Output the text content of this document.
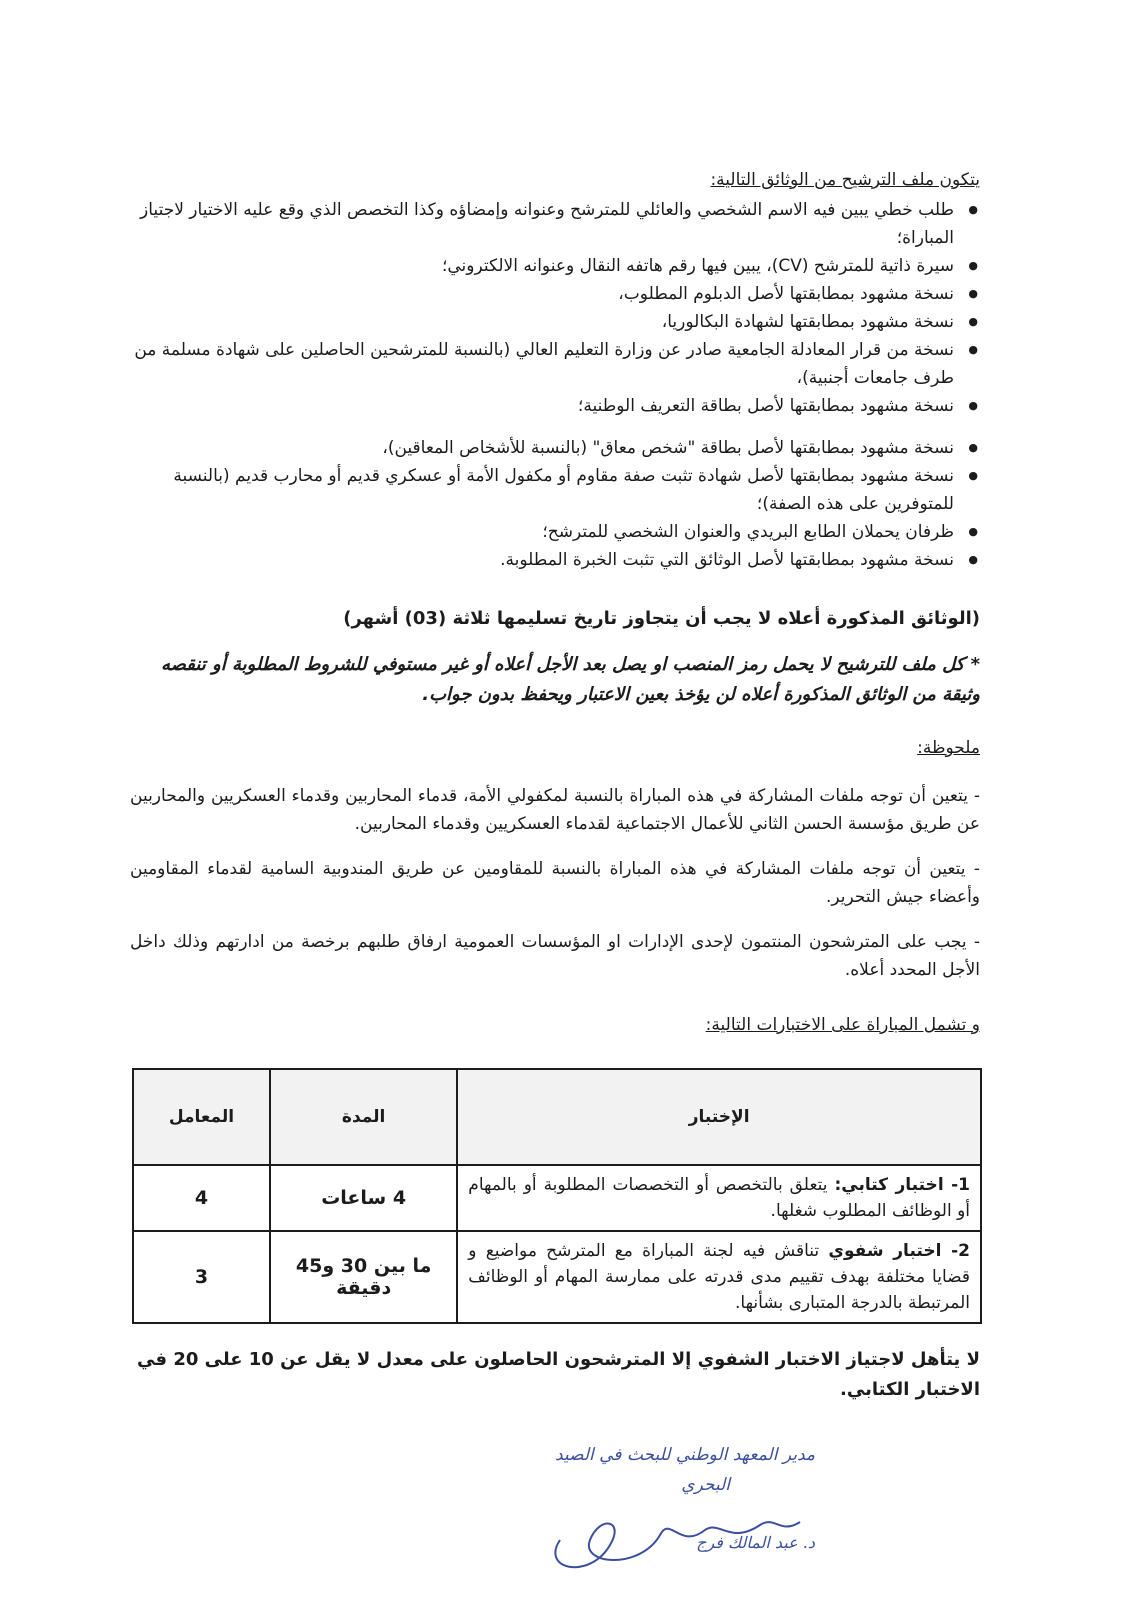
يتكون ملف الترشيح من الوثائق التالية:
● طلب خطي يبين فيه الاسم الشخصي والعائلي للمترشح وعنوانه وإمضاؤه وكذا التخصص الذي وقع عليه الاختيار لاجتياز المباراة؛
● سيرة ذاتية للمترشح (CV)، يبين فيها رقم هاتفه النقال وعنوانه الالكتروني؛
● نسخة مشهود بمطابقتها لأصل الدبلوم المطلوب،
● نسخة مشهود بمطابقتها لشهادة البكالوريا،
● نسخة من قرار المعادلة الجامعية صادر عن وزارة التعليم العالي (بالنسبة للمترشحين الحاصلين على شهادة مسلمة من طرف جامعات أجنبية)،
● نسخة مشهود بمطابقتها لأصل بطاقة التعريف الوطنية؛
● نسخة مشهود بمطابقتها لأصل بطاقة "شخص معاق" (بالنسبة للأشخاص المعاقين)،
● نسخة مشهود بمطابقتها لأصل شهادة تثبت صفة مقاوم أو مكفول الأمة أو عسكري قديم أو محارب قديم (بالنسبة للمتوفرين على هذه الصفة)؛
● ظرفان يحملان الطابع البريدي والعنوان الشخصي للمترشح؛
● نسخة مشهود بمطابقتها لأصل الوثائق التي تثبت الخبرة المطلوبة.
(الوثائق المذكورة أعلاه لا يجب أن يتجاوز تاريخ تسليمها ثلاثة (03) أشهر)
* كل ملف للترشيح لا يحمل رمز المنصب او يصل بعد الأجل أعلاه أو غير مستوفي للشروط المطلوبة أو تنقصه وثيقة من الوثائق المذكورة أعلاه لن يؤخذ بعين الاعتبار ويحفظ بدون جواب.
ملحوظة:
- يتعين أن توجه ملفات المشاركة في هذه المباراة بالنسبة لمكفولي الأمة، قدماء المحاربين وقدماء العسكريين والمحاربين عن طريق مؤسسة الحسن الثاني للأعمال الاجتماعية لقدماء العسكريين وقدماء المحاربين.
- يتعين أن توجه ملفات المشاركة في هذه المباراة بالنسبة للمقاومين عن طريق المندوبية السامية لقدماء المقاومين وأعضاء جيش التحرير.
- يجب على المترشحون المنتمون لإحدى الإدارات او المؤسسات العمومية ارفاق طلبهم برخصة من ادارتهم وذلك داخل الأجل المحدد أعلاه.
و تشمل المباراة على الاختبارات التالية:
الإختبار	المدة	المعامل
1- اختبار كتابي: يتعلق بالتخصص أو التخصصات المطلوبة أو بالمهام أو الوظائف المطلوب شغلها.	4 ساعات	4
2- اختبار شفوي تناقش فيه لجنة المباراة مع المترشح مواضيع و قضايا مختلفة بهدف تقييم مدى قدرته على ممارسة المهام أو الوظائف المرتبطة بالدرجة المتبارى بشأنها.	ما بين 30 و45 دقيقة	3
لا يتأهل لاجتياز الاختبار الشفوي إلا المترشحون الحاصلون على معدل لا يقل عن 10 على 20 في الاختبار الكتابي.
مدير المعهد الوطني للبحث في الصيد
البحري
د. عبد المالك فرج
